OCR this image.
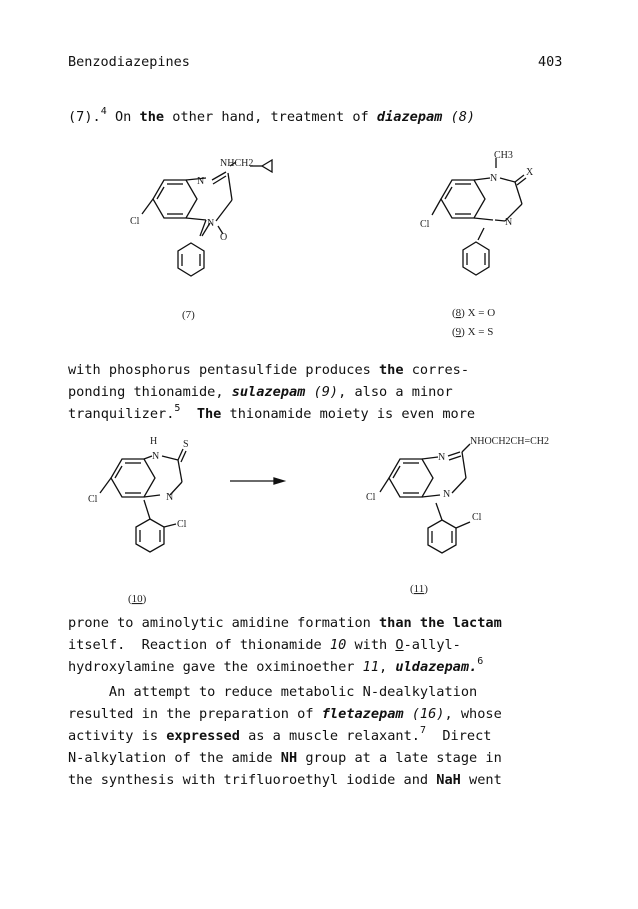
Benzodiazepines	403
(7).$^4$ On the other hand, treatment of diazepam (8)
with phosphorus pentasulfide produces the corres-
ponding thionamide, sulazepam (9), also a minor
tranquilizer.$^5$ The thionamide moiety is even more
prone to aminolytic amidine formation than the lactam
itself.  Reaction of thionamide 10 with O-allyl-
hydroxylamine gave the oximinoether 11, uldazepam.$^6$
An attempt to reduce metabolic N-dealkylation
resulted in the preparation of fletazepam (16), whose
activity is expressed as a muscle relaxant.$^7$  Direct
N-alkylation of the amide NH group at a late stage in
the synthesis with trifluoroethyl iodide and NaH went
N
N
O
NHCH2
Cl
(7)
N
CH3
X
N
Cl
(8) X = O
(9) X = S
N
H	S
N
Cl
Cl
(10)
N
NHOCH2CH=CH2
N
Cl
Cl
(11)
